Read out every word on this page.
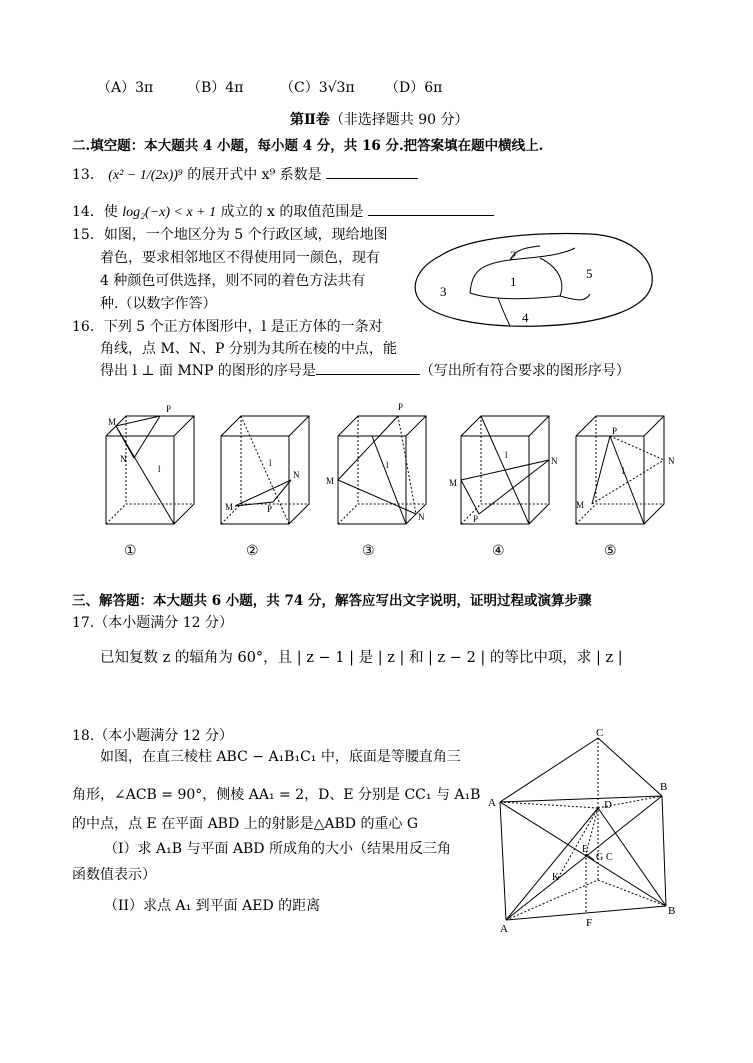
（A）3π （B）4π	（C）3√3π （D）6π
第Ⅱ卷（非选择题共 90 分）
二.填空题：本大题共 4 小题，每小题 4 分，共 16 分.把答案填在题中横线上.
13． (x² − 1/(2x))⁹ 的展开式中 x⁹ 系数是
14．使 log₂(−x) < x + 1 成立的 x 的取值范围是
15．如图，一个地区分为 5 个行政区域，现给地图
着色，要求相邻地区不得使用同一颜色，现有
4 种颜色可供选择，则不同的着色方法共有
种.（以数字作答）
2
1
5
3
4
16．下列 5 个正方体图形中，l 是正方体的一条对
角线，点 M、N、P 分别为其所在棱的中点，能
得出 l ⊥ 面 MNP 的图形的序号是	（写出所有符合要求的图形序号）
M
P
N
l
l
N
M	P
P
l
M
N
l
N
M
P
P
l
N
M
①	②	③	④	⑤
三、解答题：本大题共 6 小题，共 74 分，解答应写出文字说明，证明过程或演算步骤
17.（本小题满分 12 分）
已知复数 z 的辐角为 60°，且 | z − 1 | 是 | z | 和 | z − 2 | 的等比中项，求 | z |
18.（本小题满分 12 分）
如图，在直三棱柱 ABC − A₁B₁C₁ 中，底面是等腰直角三
角形，∠ACB = 90°，侧棱 AA₁ = 2，D、E 分别是 CC₁ 与 A₁B
的中点，点 E 在平面 ABD 上的射影是△ABD 的重心 G
（I）求 A₁B 与平面 ABD 所成角的大小（结果用反三角
函数值表示）
（II）求点 A₁ 到平面 AED 的距离
C
A
B
D
E
G
K
F
A
B
C
